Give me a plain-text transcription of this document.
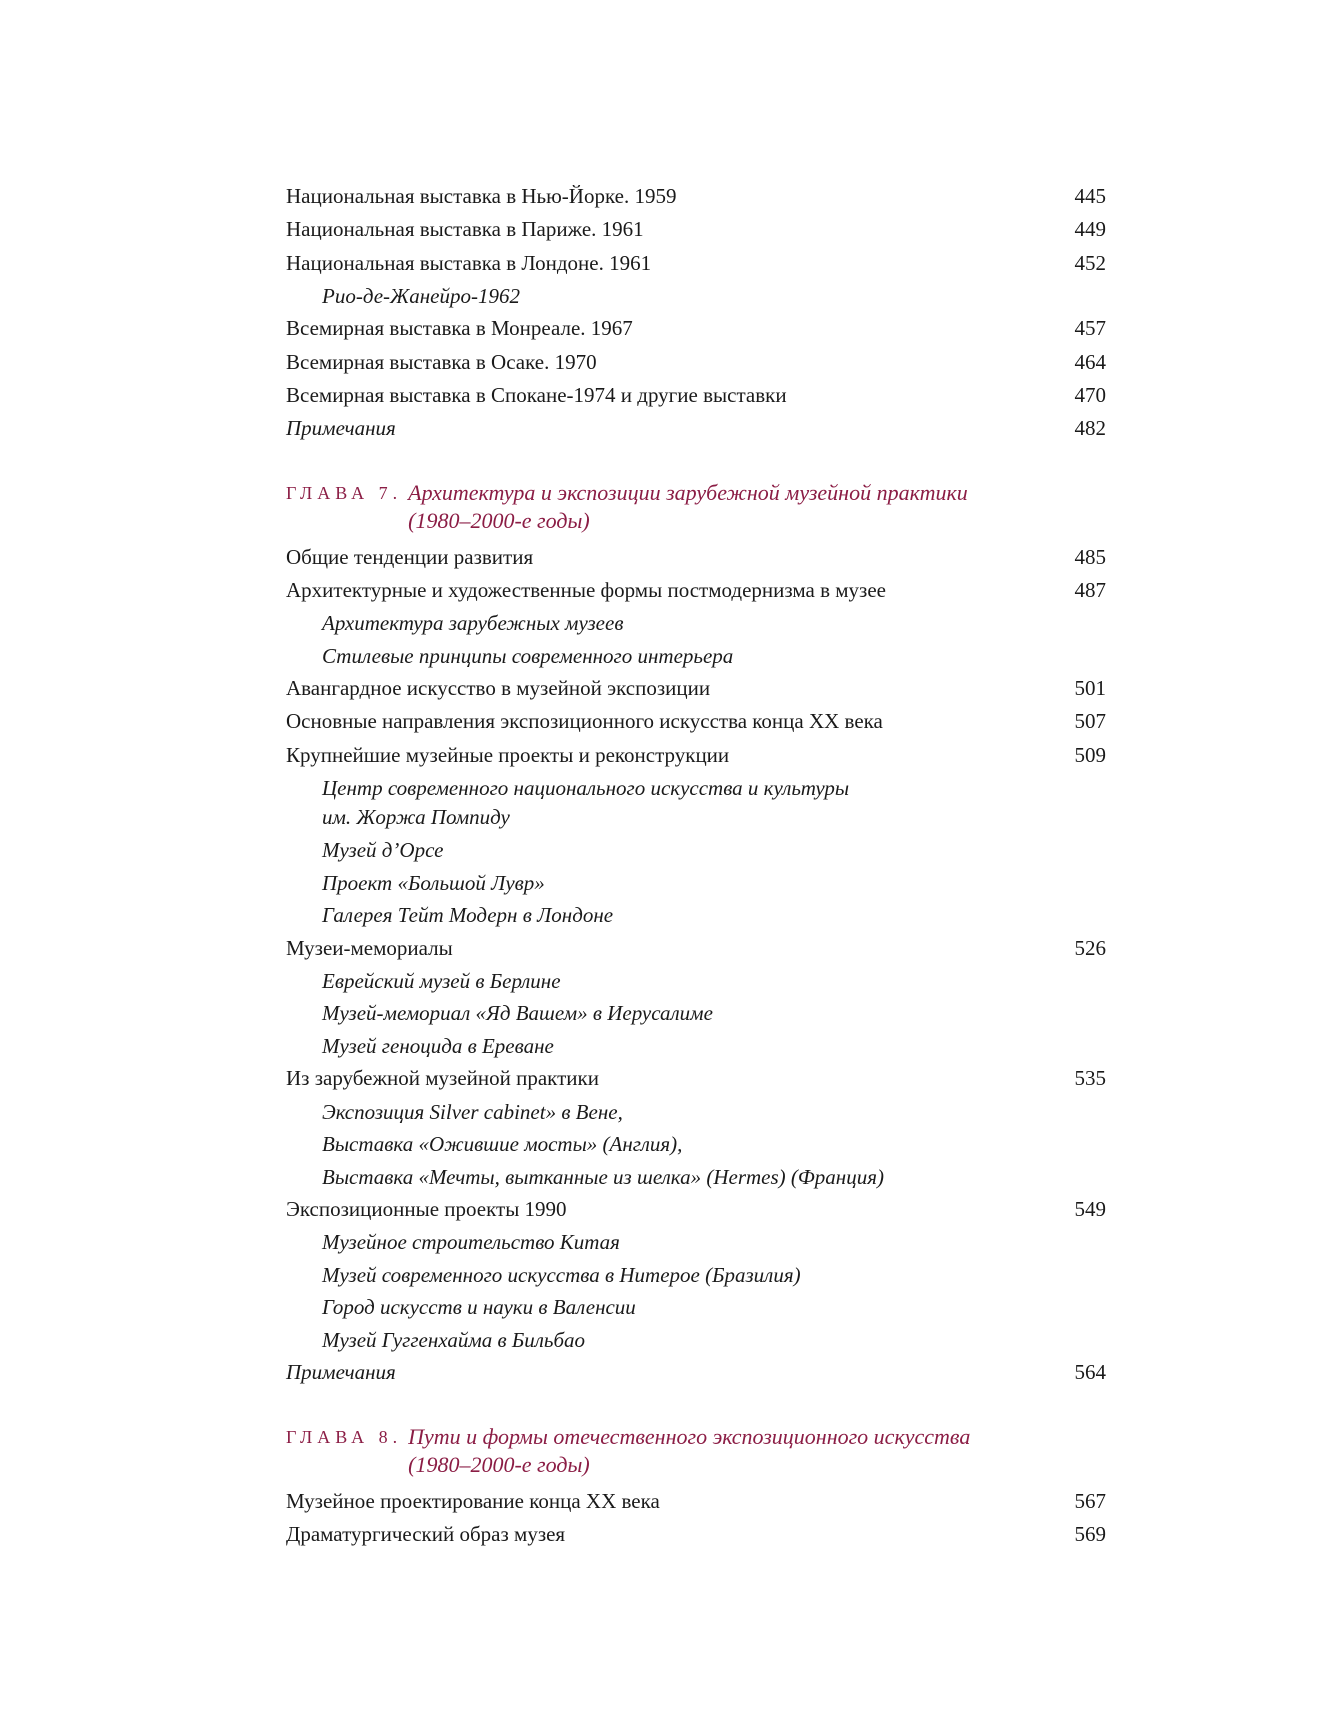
Национальная выставка в Нью-Йорке. 1959	445
Национальная выставка в Париже. 1961	449
Национальная выставка в Лондоне. 1961	452
Рио-де-Жанейро-1962
Всемирная выставка в Монреале. 1967	457
Всемирная выставка в Осаке. 1970	464
Всемирная выставка в Спокане-1974 и другие выставки	470
Примечания	482
ГЛАВА 7. Архитектура и экспозиции зарубежной музейной практики
(1980–2000-е годы)
Общие тенденции развития	485
Архитектурные и художественные формы постмодернизма в музее	487
Архитектура зарубежных музеев
Стилевые принципы современного интерьера
Авангардное искусство в музейной экспозиции	501
Основные направления экспозиционного искусства конца XX века	507
Крупнейшие музейные проекты и реконструкции	509
Центр современного национального искусства и культуры
им. Жоржа Помпиду
Музей д’Орсе
Проект «Большой Лувр»
Галерея Тейт Модерн в Лондоне
Музеи-мемориалы	526
Еврейский музей в Берлине
Музей-мемориал «Яд Вашем» в Иерусалиме
Музей геноцида в Ереване
Из зарубежной музейной практики	535
Экспозиция Silver cabinet» в Вене,
Выставка «Ожившие мосты» (Англия),
Выставка «Мечты, вытканные из шелка» (Hermes) (Франция)
Экспозиционные проекты 1990	549
Музейное строительство Китая
Музей современного искусства в Нитерое (Бразилия)
Город искусств и науки в Валенсии
Музей Гуггенхайма в Бильбао
Примечания	564
ГЛАВА 8. Пути и формы отечественного экспозиционного искусства
(1980–2000-е годы)
Музейное проектирование конца XX века	567
Драматургический образ музея	569
